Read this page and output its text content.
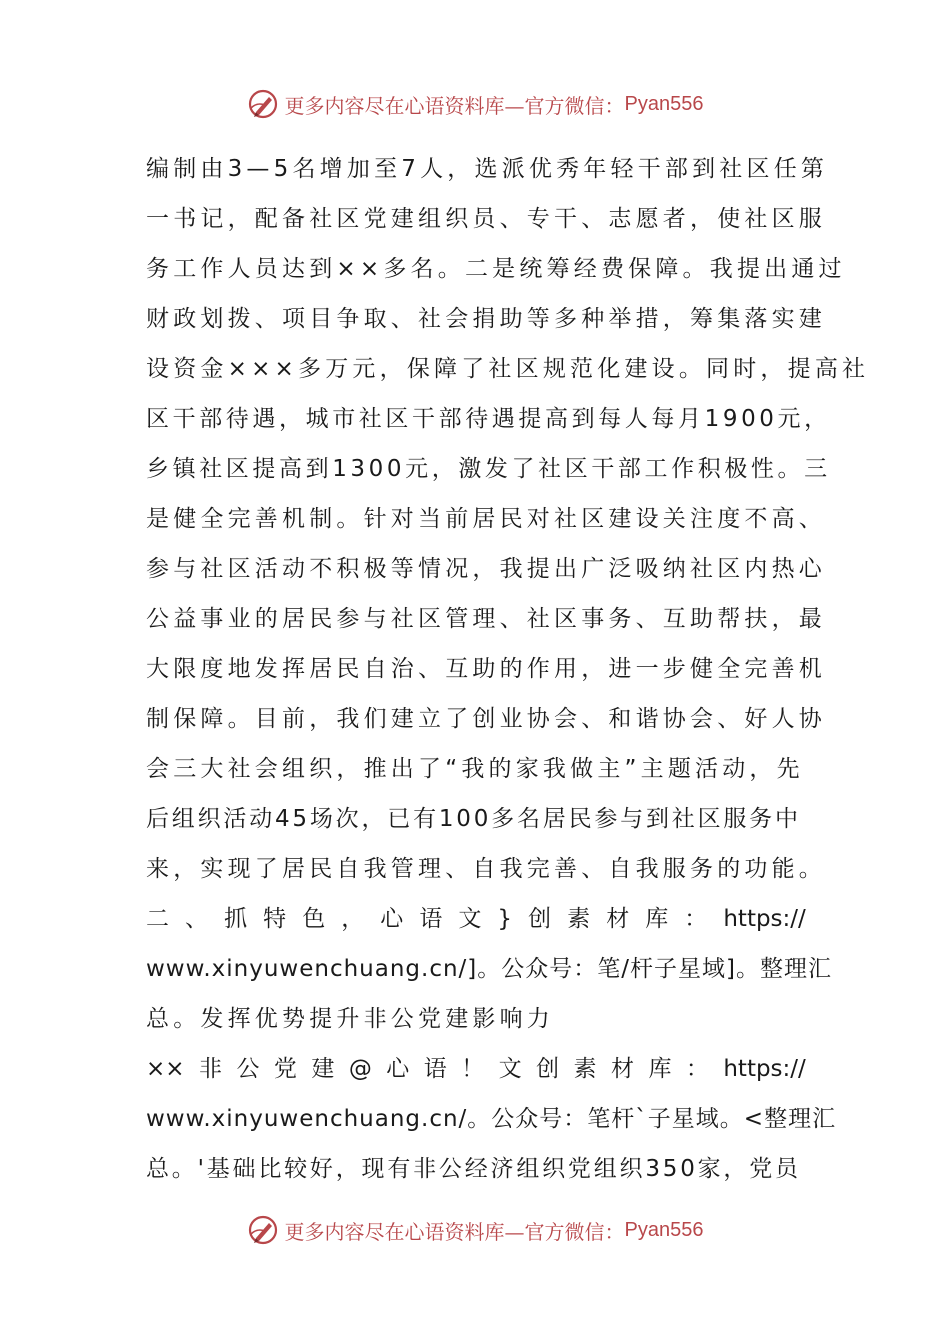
更多内容尽在心语资料库—官方微信： Pyan556
编制由3—5名增加至7人，选派优秀年轻干部到社区任第
一书记，配备社区党建组织员、专干、志愿者，使社区服
务工作人员达到××多名。二是统筹经费保障。我提出通过
财政划拨、项目争取、社会捐助等多种举措，筹集落实建
设资金×××多万元，保障了社区规范化建设。同时，提高社
区干部待遇，城市社区干部待遇提高到每人每月1900元，
乡镇社区提高到1300元，激发了社区干部工作积极性。三
是健全完善机制。针对当前居民对社区建设关注度不高、
参与社区活动不积极等情况，我提出广泛吸纳社区内热心
公益事业的居民参与社区管理、社区事务、互助帮扶，最
大限度地发挥居民自治、互助的作用，进一步健全完善机
制保障。目前，我们建立了创业协会、和谐协会、好人协
会三大社会组织，推出了“我的家我做主”主题活动，先
后组织活动45场次，已有100多名居民参与到社区服务中
来，实现了居民自我管理、自我完善、自我服务的功能。
二 、 抓 特 色 ， 心 语 文 } 创 素 材 库 ： https://
www.xinyuwenchuang.cn/]。公众号：笔/杆子星域]。整理汇
总。发挥优势提升非公党建影响力
×× 非 公 党 建 @ 心 语 ！ 文 创 素 材 库 ： https://
www.xinyuwenchuang.cn/。公众号：笔杆`子星域。<整理汇
总。'基础比较好，现有非公经济组织党组织350家，党员
更多内容尽在心语资料库—官方微信： Pyan556
